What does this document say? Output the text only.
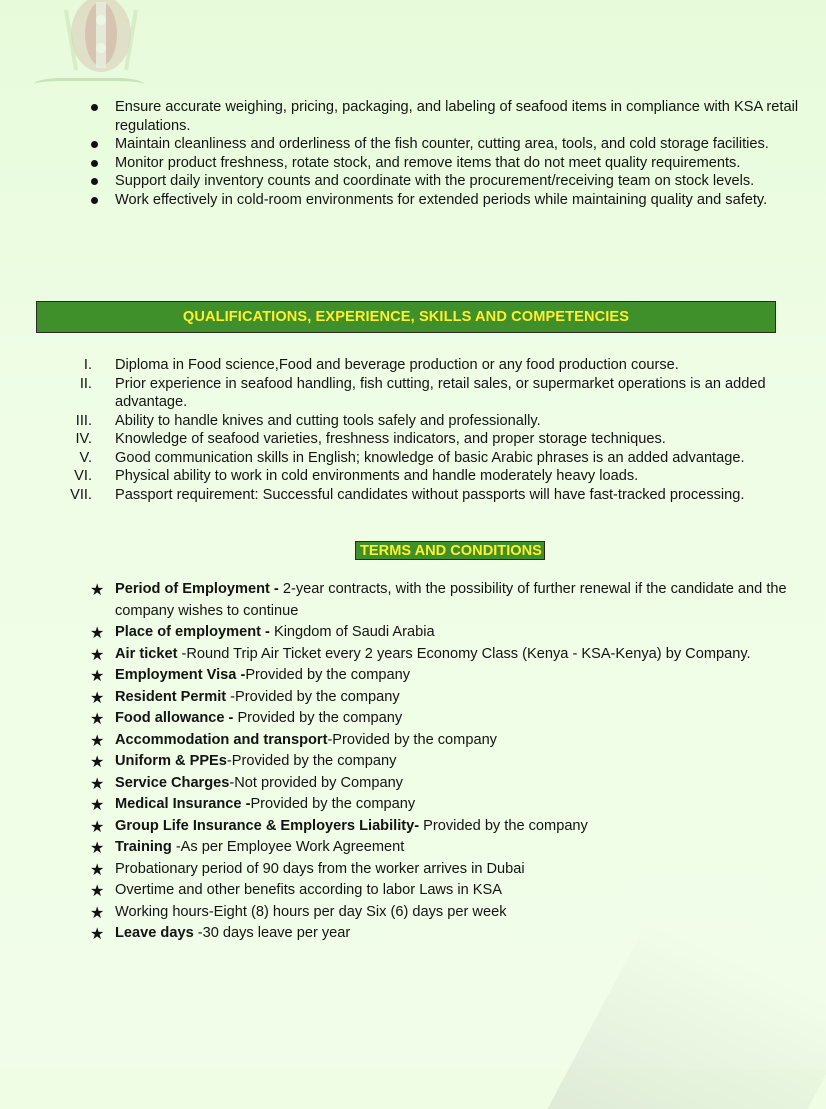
Ensure accurate weighing, pricing, packaging, and labeling of seafood items in compliance with KSA retail regulations.
Maintain cleanliness and orderliness of the fish counter, cutting area, tools, and cold storage facilities.
Monitor product freshness, rotate stock, and remove items that do not meet quality requirements.
Support daily inventory counts and coordinate with the procurement/receiving team on stock levels.
Work effectively in cold-room environments for extended periods while maintaining quality and safety.
QUALIFICATIONS, EXPERIENCE, SKILLS AND COMPETENCIES
I. Diploma in Food science,Food and beverage production or any food production course.
II. Prior experience in seafood handling, fish cutting, retail sales, or supermarket operations is an added advantage.
III. Ability to handle knives and cutting tools safely and professionally.
IV. Knowledge of seafood varieties, freshness indicators, and proper storage techniques.
V. Good communication skills in English; knowledge of basic Arabic phrases is an added advantage.
VI. Physical ability to work in cold environments and handle moderately heavy loads.
VII. Passport requirement: Successful candidates without passports will have fast-tracked processing.
TERMS AND CONDITIONS
★ Period of Employment - 2-year contracts, with the possibility of further renewal if the candidate and the company wishes to continue
★ Place of employment - Kingdom of Saudi Arabia
★ Air ticket -Round Trip Air Ticket every 2 years Economy Class (Kenya - KSA-Kenya) by Company.
★ Employment Visa -Provided by the company
★ Resident Permit -Provided by the company
★ Food allowance - Provided by the company
★ Accommodation and transport-Provided by the company
★ Uniform & PPEs-Provided by the company
★ Service Charges-Not provided by Company
★ Medical Insurance -Provided by the company
★ Group Life Insurance & Employers Liability- Provided by the company
★ Training -As per Employee Work Agreement
★ Probationary period of 90 days from the worker arrives in Dubai
★ Overtime and other benefits according to labor Laws in KSA
★ Working hours-Eight (8) hours per day Six (6) days per week
★ Leave days -30 days leave per year
